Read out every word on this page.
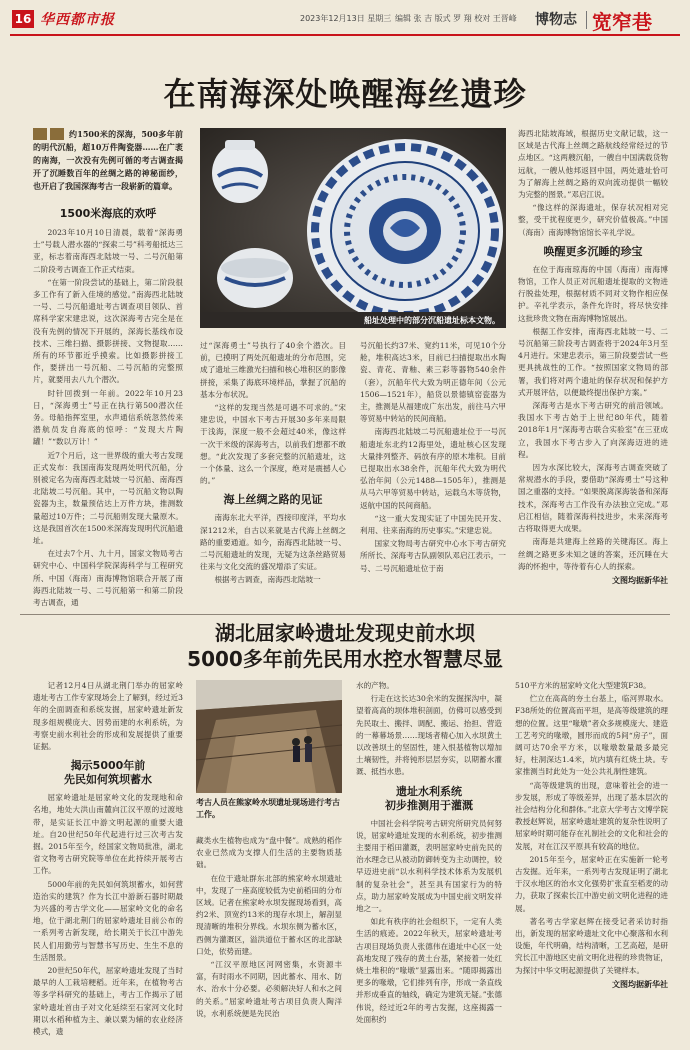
16 华西都市报	2023年12月13日 星期三 编辑 张 吉 版式 罗 翔 校对 王晋峰 博物志 宽窄巷
在南海深处唤醒海丝遗珍
约1500米的深海，500多年前的明代沉船，超10万件陶瓷器……在广袤的南海，一次没有先例可循的考古调查揭开了沉睡数百年的丝绸之路的神秘面纱，也开启了我国深海考古一段崭新的篇章。
船址处理中的部分沉船遗址标本文物。
1500米海底的欢呼

2023年10月10日清晨，载着“深海勇士”号载人潜水器的“探索二号”科考船抵达三亚，标志着南海西北陆坡一号、二号沉船第二阶段考古调查工作正式结束。

“在第一阶段尝试的基础上，第二阶段很多工作有了新入佳境的感觉。”南海西北陆坡一号、二号沉船遗址考古调查项目领队、首席科学家宋建忠说，这次深海考古完全是在没有先例的情况下开展的，深海长基线布设技术、三维扫描、摄影拼接、文物提取……所有的环节都近乎摸索。比如摄影拼接工作，要拼出一号沉船、二号沉船的完整照片，就要用去八九个潜次。

时针回拨到一年前。2022年10月23日，“深海勇士”号正在执行第500潜次任务。母船指挥室里，水声通信系统忽然传来潜航员发自海底的惊呼：“发现大片陶罐！”“数以万计！”

近7个月后，这一世界级的重大考古发现正式发布：我国南海发现两处明代沉船，分别被定名为南海西北陆坡一号沉船、南海西北陆坡二号沉船。其中，一号沉船文物以陶瓷器为主，数量预估达上万件方块，推测数量超过10万件；二号沉船则发现大量原木。这是我国首次在1500米深海发现明代沉船遗址。

在过去7个月、九十月，国家文物局考古研究中心、中国科学院深海科学与工程研究所、中国（海南）南海博物馆联合开展了南海西北陆坡一号、二号沉船第一和第二阶段考古调查，通

过“深海勇士”号执行了40余个潜次。目前，已摸明了两处沉船遗址的分布范围，完成了遗址三维激光扫描和核心堆积区的影像拼接，采集了海底环境样品，掌握了沉船的基本分布状况。

“这样的发现当然是可遇不可求的。”宋建忠说，中国水下考古开展30多年来局限于浅海，深度一般不会超过40米，像这样一次干米级的深海考古，以前我们想都不敢想。“此次发现了多套完整的沉船遗址，这一个体量、这么一个深度，绝对是震撼人心的。”

海上丝绸之路的见证

南海东北大平洋，西接印度洋，平均水深1212米，自古以来就是古代海上丝绸之路的重要通道。如今，南海西北陆坡一号、二号沉船遗址的发现，无疑为这条丝路贸易往来与文化交流的盛况增添了实证。

根据考古调查，南海西北陆坡一

号沉船长约37米、宽约11米，可见10个分舱，堆积高达3米，目前已扫描提取出水陶瓷、青花、青釉、素三彩等器物540余件（套），沉船年代大致为明正德年间（公元1506—1521年），船货以景德镇窑瓷器为主，推测是从福建成广东出发，前往马六甲等贸易中转站的民间商船。

南海西北陆坡二号沉船遗址位于一号沉船遗址东北约12海里处，遗址核心区发现大量排列整齐、码放有序的原木堆积。目前已提取出水38余件，沉船年代大致为明代弘治年间（公元1488—1505年），推测是从马六甲等贸易中转站，运载乌木等货物，返航中国的民间商船。

“这一重大发现实证了中国先民开发、利用、往来南海的历史事实。”宋建忠说。

国家文物局考古研究中心水下考古研究所所长、深海考古队副领队邓启江表示，一号、二号沉船遗址位于南

海西北陆坡海域，根据历史文献记载，这一区域是古代海上丝绸之路航线经常经过的节点地区。“这两艘沉船，一艘自中国满载货物远航，一艘从他邦返回中国，两处遗址恰可为了解海上丝绸之路的双向流动提供一幅较为完整的图景。”邓启江说。

“像这样的深海遗址，保存状况相对完整，受干扰程度更少，研究价值极高。”中国（海南）南海博物馆馆长辛礼学说。

唤醒更多沉睡的珍宝

在位于海南琼海的中国（海南）南海博物馆，工作人员正对沉船遗址提取的文物进行脱盐处理，根据材质不同对文物作相应保护。辛礼学表示，条件允许时，将尽快安排这批珍贵文物在南海博物馆展出。

根据工作安排，南海西北陆坡一号、二号沉船第三阶段考古调查将于2024年3月至4月进行。宋建忠表示，第三阶段要尝试一些更具挑战性的工作。“按照国家文物局的部署，我们将对两个遗址的保存状况和保护方式开展评估，以便最终提出保护方案。”

深海考古是水下考古研究的前沿领域。我国水下考古始于上世纪80年代，随着2018年1月“深海考古联合实验室”在三亚成立，我国水下考古步入了向深海迈进的进程。

因为水深比较大，深海考古调查突破了常规潜水的手段，要借助“深海勇士”号这种国之重器的支持。“如果脱离深海装备和深海技术，深海考古工作没有办法独立完成。”邓启江相信，随着深海科技进步，未来深海考古将取得更大成果。

南海是共建海上丝路的关键海区。海上丝绸之路更多未知之谜的答案，还沉睡在大海的怀抱中，等待着有心人的探索。

文图均据新华社
湖北屈家岭遗址发现史前水坝
5000多年前先民用水控水智慧尽显
考古人员在熊家岭水坝遗址现场进行考古工作。

记者12月4日从湖北荆门举办的屈家岭遗址考古工作专家现场会上了解到，经过近3年的全面调查和系统发掘，屈家岭遗址新发现多组规模庞大、因势而建的水利系统，为考察史前水利社会的形成和发展提供了重要证据。

揭示5000年前
先民如何筑坝蓄水

屈家岭遗址是屈家岭文化的发现地和命名地，地处大洪山南麓向江汉平原的过渡地带，是实证长江中游文明起源的重要大遗址。自20世纪50年代起进行过三次考古发掘。2015年至今，经国家文物局批准，湖北省文物考古研究院等单位在此持续开展考古工作。

5000年前的先民如何筑坝蓄水，如何营造治实的建筑？作为长江中游新石器时期最为兴盛的考古学文化——屈家岭文化的命名地，位于湖北荆门的屈家岭遗址目前公布的一系列考古新发现，给长期关于长江中游先民人们用勤劳与智慧书写历史、生生不息的生活图景。

20世纪50年代，屈家岭遗址发现了当时最早的人工栽培粳稻。近年来，在植物考古等多学科研究的基础上，考古工作揭示了屈家岭遗址首由子对文化延续至石家河文化时期以水稻种植为主、兼以粟为辅的农业经济模式，遗

藏类水生植物也成为“盘中餐”。成熟的稻作农业已然成为支撑人们生活的主要物质基础。

在位于遗址群东北部的熊家岭水坝遗址中，发现了一座高度较低为史前稻田的分布区域。记者在熊家岭水坝发掘现场看到，高约2米、顶宽约13米的现存水坝上，解剖显现清晰的堆积分界线。水坝东侧为蓄水区，西侧为灌溉区，溢洪道位于蓄水区的北部缺口处，依势而建。

“江汉平原地区河网密集，水资源丰富，有时雨水不同期，因此蓄水、用水、防水、治水十分必要。必须解决好人和水之间的关系。”屈家岭遗址考古项目负责人陶洋说，水利系统便是先民治

水的产物。

行走在这长达30余米的发掘探沟中，凝望着高高的坝体堆积剖面，仿佛可以感受到先民取土、搬拌、调配、搬运、抬担、营造的一幕幕场景……现场者精心加入水坝黄土以改善坝土的坚固性，建入恨基植物以增加土壤韧性，并将钝形层层夯实，以期蓄水灌溉、抵挡水患。

遗址水利系统
初步推测用于灌溉

中国社会科学院考古研究所研究员何努说，屈家岭遗址发现的水利系统，初步推测主要用于稻田灌溉，表明屈家岭史前先民的治水理念已从被动防御转变为主动调控，较早迈进史前“以水利科学技术体系为发展机制的复杂社会”，甚至具有国家行为的特点，助力屈家岭发展成为中国史前文明发祥地之一。

如此有秩序的社会组织下，一定有人类生活的痕迹。2022年秋天，屈家岭遗址考古项目现场负责人张德伟在遗址中心区一处高地发现了残存的黄土台基，紧接着一处红烧土堆积的“喙墩”显露出来。“随即揭露出更多的喙墩，它们排列有序，形成一条直线并形成垂直的轴线，确定为建筑无疑。”张德伟说，经过近2年的考古发掘，这座揭露一处面积约

510平方米的屈家岭文化大型建筑F38。

伫立在高高的夯土台基上，临河界取水。F38所处的位置高而平坦，是高等级建筑的理想的位置。这里“喙墩”者众多规模庞大、建造工艺考究的喙墩，圆形而成的5间“房子”，面阔可达70余平方米，以喙墩数量最多最完好，柱洞深达1.4米，坑内填有红烧土块。专家推测当时此处为一处公共礼制性建筑。

“高等级建筑的出现，意味着社会的进一步发展，形成了等级差异，出现了基本层次的社会结构分化和群体。”北京大学考古文博学院教授赵辉说，屈家岭遗址建筑的复杂性说明了屈家岭时期可能存在礼制社会的文化和社会的发展，对在江汉平原具有较高的地位。

2015年至今，屈家岭正在实施新一轮考古发掘。近年来，一系列考古发现证明了湖北于汉水地区的治水文化强势扩张直至稻麦的动力，获取了探索长江中游史前文明化进程的进展。

著名考古学家赵辉在接受记者采访时指出，新发现的屈家岭遗址文化中心聚落和水利设施，年代明确，结构清晰，工艺高超，是研究长江中游地区史前文明化进程的珍贵物证，为探讨中华文明起源提供了关键样本。

文图均据新华社
